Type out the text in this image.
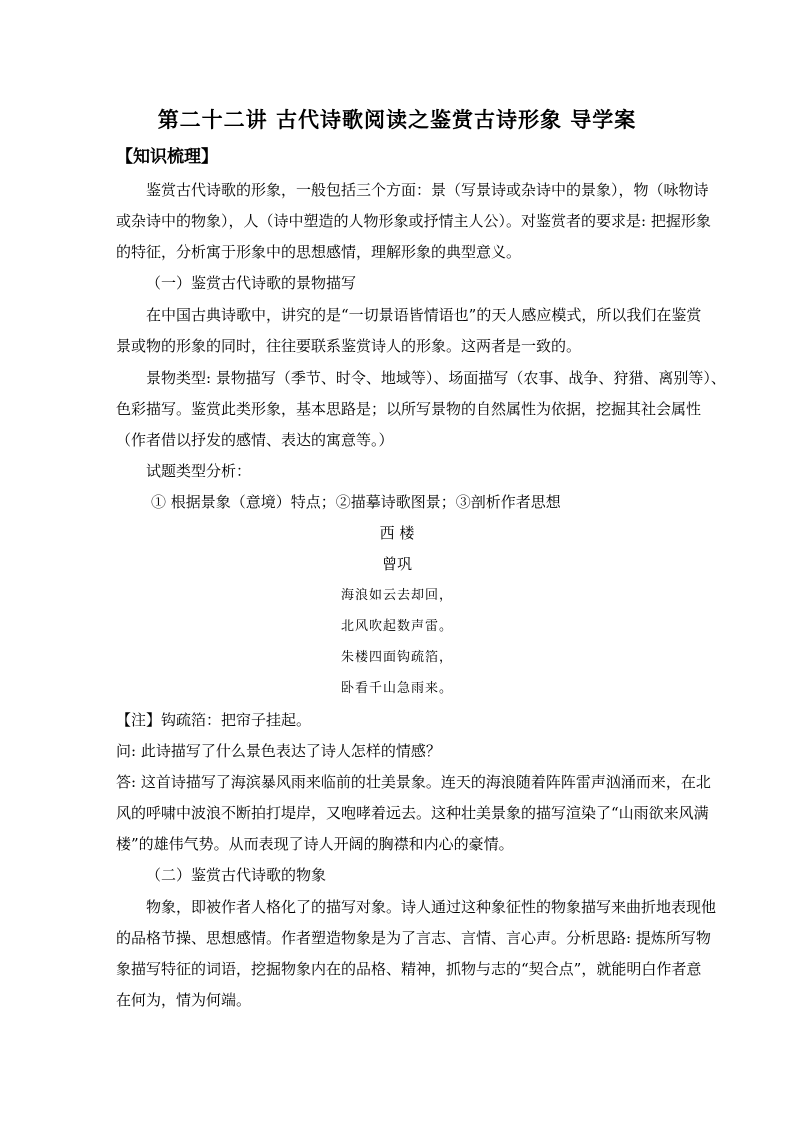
第二十二讲 古代诗歌阅读之鉴赏古诗形象 导学案
【知识梳理】
鉴赏古代诗歌的形象，一般包括三个方面：景（写景诗或杂诗中的景象），物（咏物诗
或杂诗中的物象），人（诗中塑造的人物形象或抒情主人公）。对鉴赏者的要求是: 把握形象
的特征，分析寓于形象中的思想感情，理解形象的典型意义。
（一）鉴赏古代诗歌的景物描写
在中国古典诗歌中，讲究的是“一切景语皆情语也”的天人感应模式，所以我们在鉴赏
景或物的形象的同时，往往要联系鉴赏诗人的形象。这两者是一致的。
景物类型: 景物描写（季节、时令、地域等）、场面描写（农事、战争、狩猎、离别等）、
色彩描写。鉴赏此类形象，基本思路是；以所写景物的自然属性为依据，挖掘其社会属性
（作者借以抒发的感情、表达的寓意等。）
试题类型分析：
① 根据景象（意境）特点；②描摹诗歌图景；③剖析作者思想
西 楼
曾巩
海浪如云去却回，
北风吹起数声雷。
朱楼四面钩疏箔，
卧看千山急雨来。
【注】钩疏箔：把帘子挂起。
问: 此诗描写了什么景色表达了诗人怎样的情感？
答: 这首诗描写了海滨暴风雨来临前的壮美景象。连天的海浪随着阵阵雷声汹涌而来，在北
风的呼啸中波浪不断拍打堤岸，又咆哮着远去。这种壮美景象的描写渲染了“山雨欲来风满
楼”的雄伟气势。从而表现了诗人开阔的胸襟和内心的豪情。
（二）鉴赏古代诗歌的物象
物象，即被作者人格化了的描写对象。诗人通过这种象征性的物象描写来曲折地表现他
的品格节操、思想感情。作者塑造物象是为了言志、言情、言心声。分析思路: 提炼所写物
象描写特征的词语，挖掘物象内在的品格、精神，抓物与志的“契合点”，就能明白作者意
在何为，情为何端。
